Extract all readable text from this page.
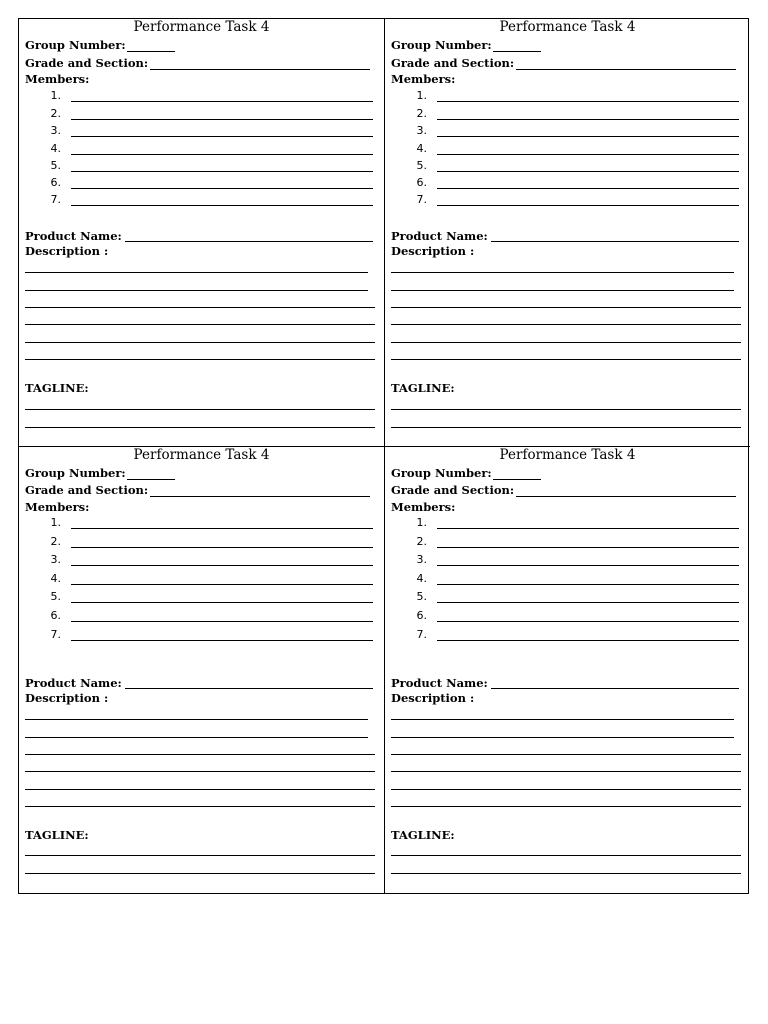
Performance Task 4
Group Number:
Grade and Section:
Members:
1.
2.
3.
4.
5.
6.
7.
Product Name:
Description :
TAGLINE:
Performance Task 4
Group Number:
Grade and Section:
Members:
1.
2.
3.
4.
5.
6.
7.
Product Name:
Description :
TAGLINE:
Performance Task 4
Group Number:
Grade and Section:
Members:
1.
2.
3.
4.
5.
6.
7.
Product Name:
Description :
TAGLINE:
Performance Task 4
Group Number:
Grade and Section:
Members:
1.
2.
3.
4.
5.
6.
7.
Product Name:
Description :
TAGLINE:
